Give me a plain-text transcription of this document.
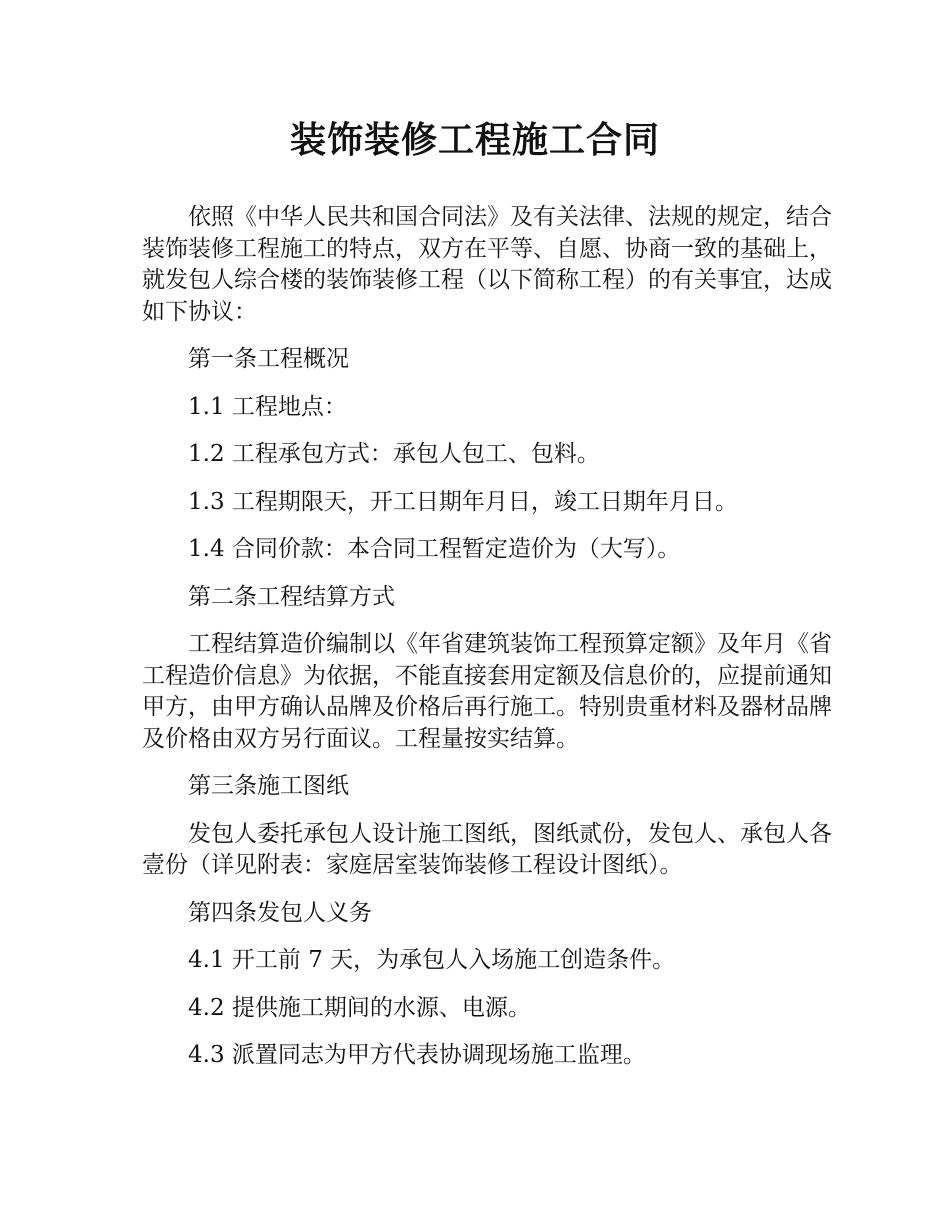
装饰装修工程施工合同

依照《中华人民共和国合同法》及有关法律、法规的规定，结合装饰装修工程施工的特点，双方在平等、自愿、协商一致的基础上，就发包人综合楼的装饰装修工程（以下简称工程）的有关事宜，达成如下协议：

第一条工程概况

1.1 工程地点：

1.2 工程承包方式：承包人包工、包料。

1.3 工程期限天，开工日期年月日，竣工日期年月日。

1.4 合同价款：本合同工程暂定造价为（大写）。

第二条工程结算方式

工程结算造价编制以《年省建筑装饰工程预算定额》及年月《省工程造价信息》为依据，不能直接套用定额及信息价的，应提前通知甲方，由甲方确认品牌及价格后再行施工。特别贵重材料及器材品牌及价格由双方另行面议。工程量按实结算。

第三条施工图纸

发包人委托承包人设计施工图纸，图纸贰份，发包人、承包人各壹份（详见附表：家庭居室装饰装修工程设计图纸）。

第四条发包人义务

4.1 开工前 7 天，为承包人入场施工创造条件。

4.2 提供施工期间的水源、电源。

4.3 派置同志为甲方代表协调现场施工监理。
